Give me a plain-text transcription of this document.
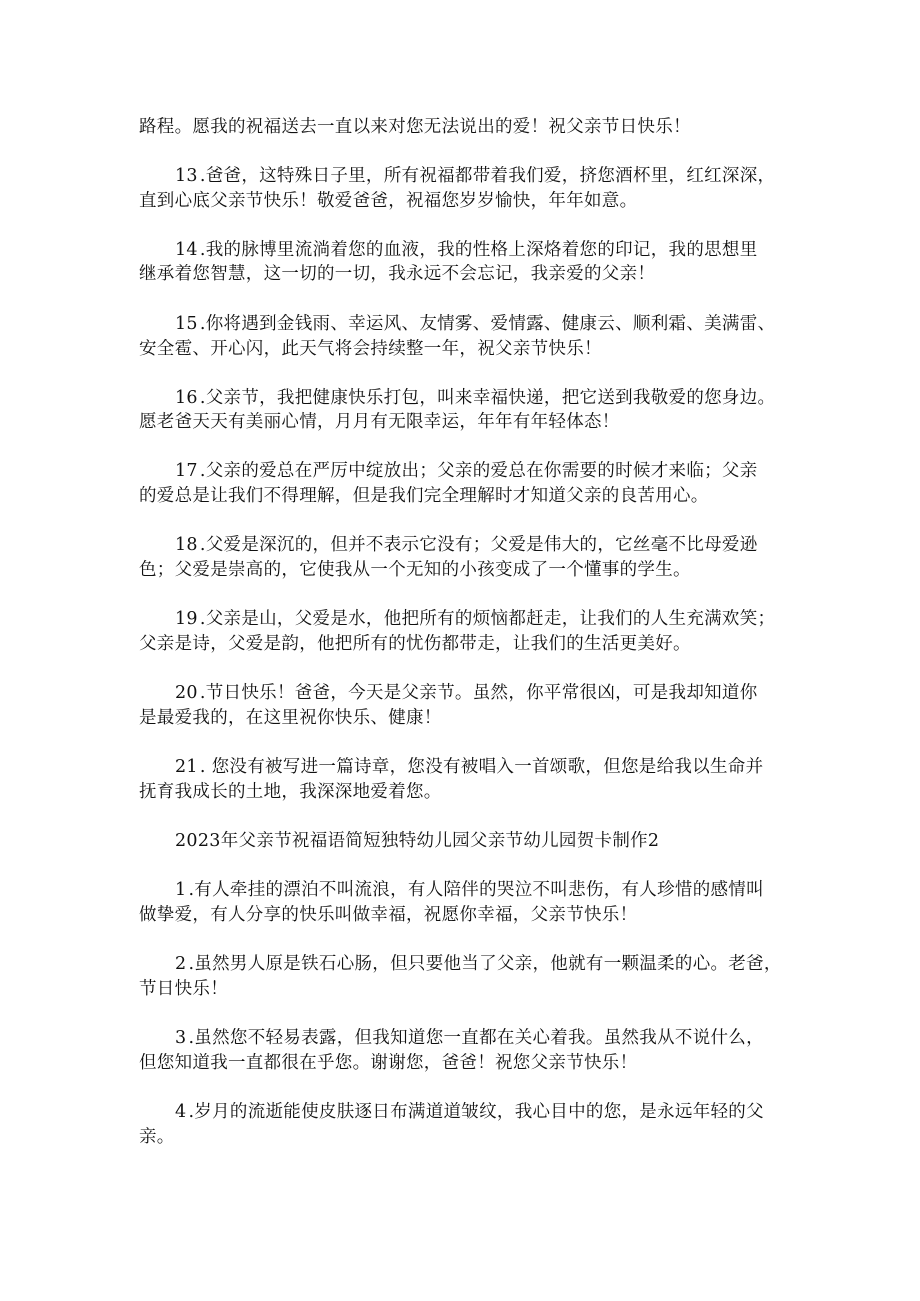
路程。愿我的祝福送去一直以来对您无法说出的爱！祝父亲节日快乐！
13 .爸爸，这特殊日子里，所有祝福都带着我们爱，挤您酒杯里，红红深深，
直到心底父亲节快乐！敬爱爸爸，祝福您岁岁愉快，年年如意。
14 .我的脉博里流淌着您的血液，我的性格上深烙着您的印记，我的思想里
继承着您智慧，这一切的一切，我永远不会忘记，我亲爱的父亲！
15 .你将遇到金钱雨、幸运风、友情雾、爱情露、健康云、顺利霜、美满雷、
安全雹、开心闪，此天气将会持续整一年，祝父亲节快乐！
16 .父亲节，我把健康快乐打包，叫来幸福快递，把它送到我敬爱的您身边。
愿老爸天天有美丽心情，月月有无限幸运，年年有年轻体态！
17 .父亲的爱总在严厉中绽放出；父亲的爱总在你需要的时候才来临；父亲
的爱总是让我们不得理解，但是我们完全理解时才知道父亲的良苦用心。
18 .父爱是深沉的，但并不表示它没有；父爱是伟大的，它丝毫不比母爱逊
色；父爱是崇高的，它使我从一个无知的小孩变成了一个懂事的学生。
19 .父亲是山，父爱是水，他把所有的烦恼都赶走，让我们的人生充满欢笑；
父亲是诗，父爱是韵，他把所有的忧伤都带走，让我们的生活更美好。
20 .节日快乐！爸爸，今天是父亲节。虽然，你平常很凶，可是我却知道你
是最爱我的，在这里祝你快乐、健康！
21 . 您没有被写进一篇诗章，您没有被唱入一首颂歌，但您是给我以生命并
抚育我成长的土地，我深深地爱着您。
2023年父亲节祝福语简短独特幼儿园父亲节幼儿园贺卡制作2
1 .有人牵挂的漂泊不叫流浪，有人陪伴的哭泣不叫悲伤，有人珍惜的感情叫
做挚爱，有人分享的快乐叫做幸福，祝愿你幸福，父亲节快乐！
2 .虽然男人原是铁石心肠，但只要他当了父亲，他就有一颗温柔的心。老爸，
节日快乐！
3 .虽然您不轻易表露，但我知道您一直都在关心着我。虽然我从不说什么，
但您知道我一直都很在乎您。谢谢您，爸爸！祝您父亲节快乐！
4 .岁月的流逝能使皮肤逐日布满道道皱纹，我心目中的您，是永远年轻的父
亲。
